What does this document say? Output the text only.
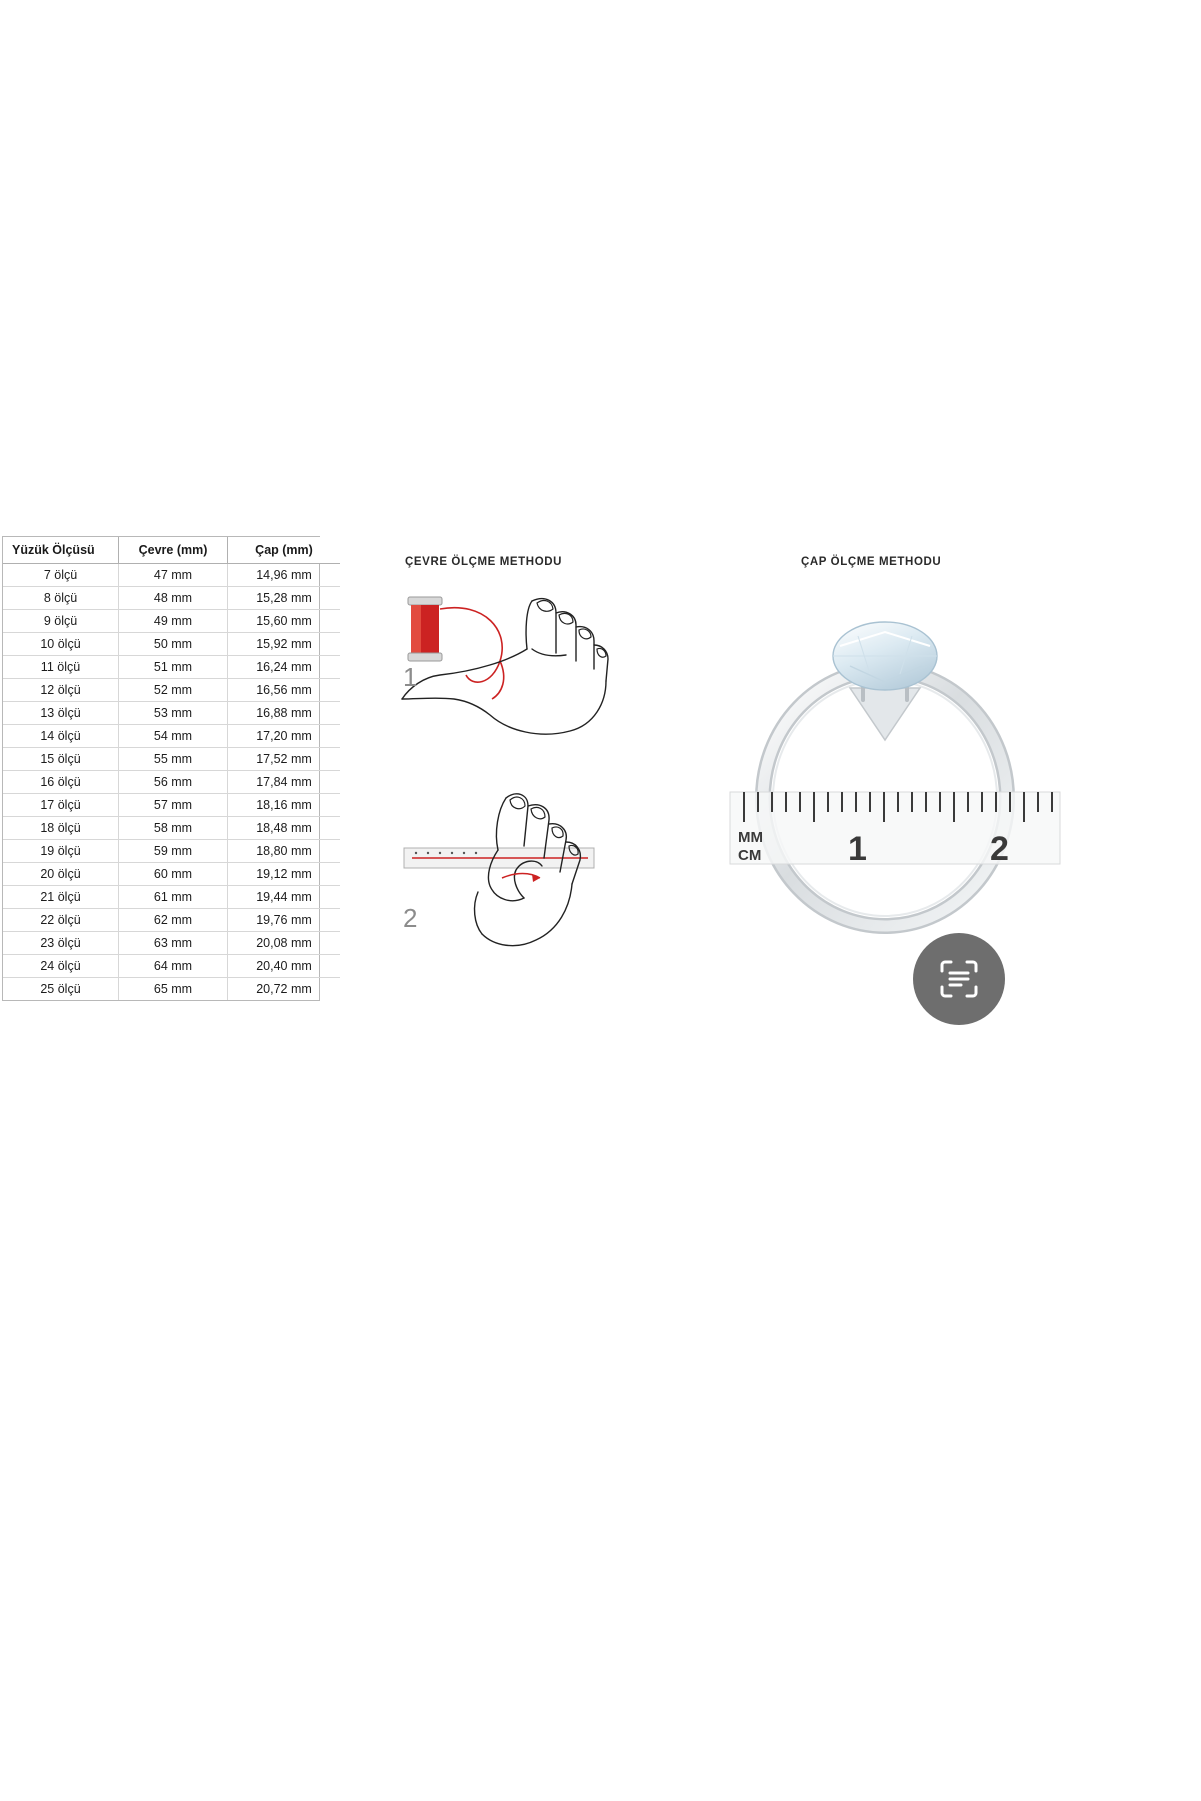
Yüzük Ölçüsü	Çevre (mm)	Çap (mm)
7 ölçü	47 mm	14,96 mm
8 ölçü	48 mm	15,28 mm
9 ölçü	49 mm	15,60 mm
10 ölçü	50 mm	15,92 mm
11 ölçü	51 mm	16,24 mm
12 ölçü	52 mm	16,56 mm
13 ölçü	53 mm	16,88 mm
14 ölçü	54 mm	17,20 mm
15 ölçü	55 mm	17,52 mm
16 ölçü	56 mm	17,84 mm
17 ölçü	57 mm	18,16 mm
18 ölçü	58 mm	18,48 mm
19 ölçü	59 mm	18,80 mm
20 ölçü	60 mm	19,12 mm
21 ölçü	61 mm	19,44 mm
22 ölçü	62 mm	19,76 mm
23 ölçü	63 mm	20,08 mm
24 ölçü	64 mm	20,40 mm
25 ölçü	65 mm	20,72 mm
ÇEVRE ÖLÇME METHODU
1
2
ÇAP ÖLÇME METHODU
MM
CM	1	2
